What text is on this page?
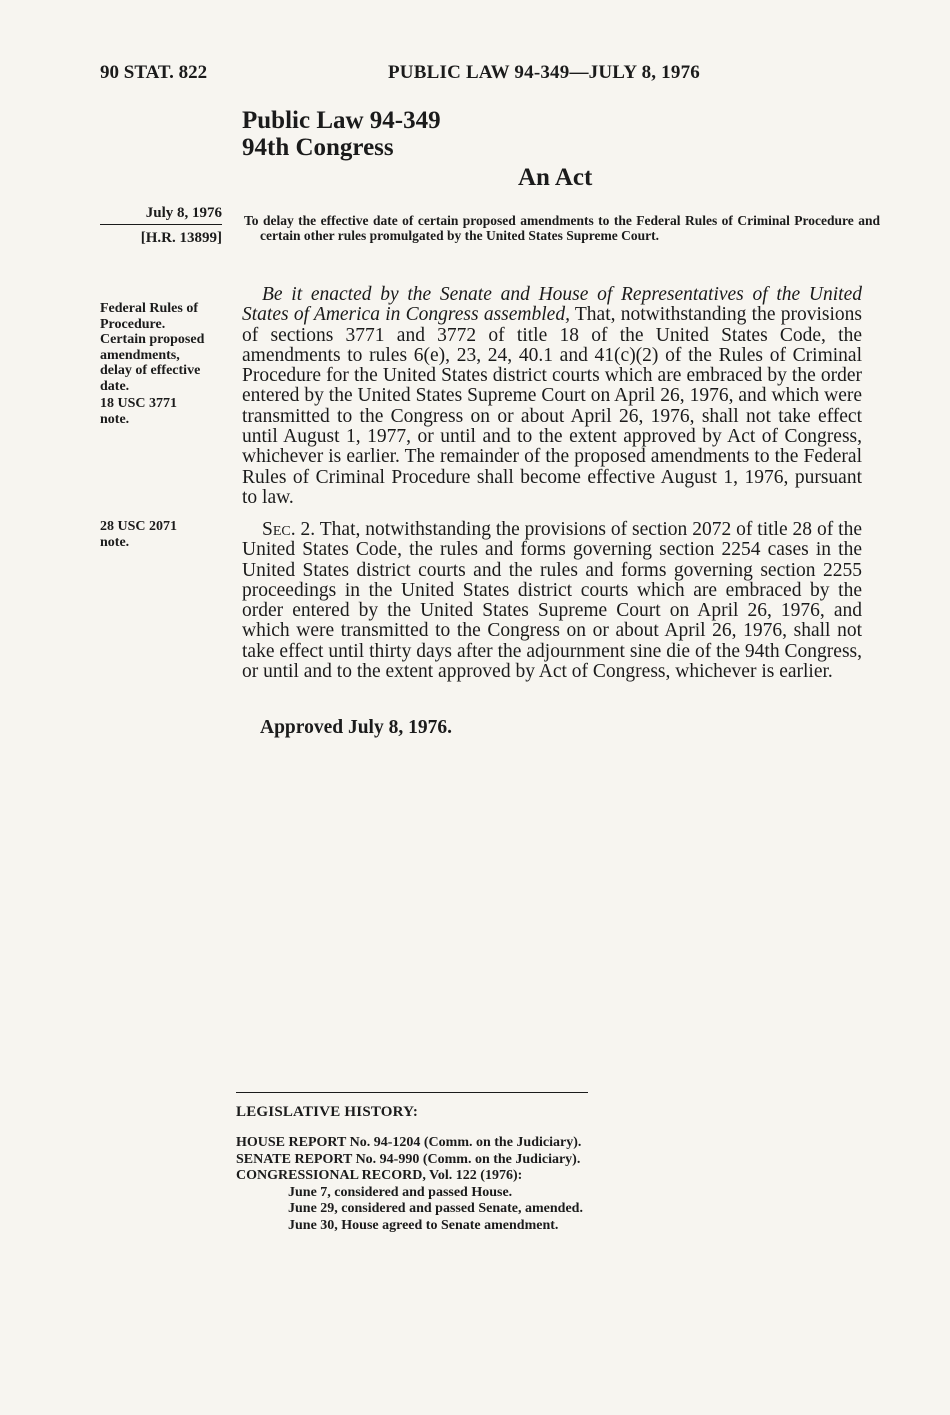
90 STAT. 822	PUBLIC LAW 94-349—JULY 8, 1976
Public Law 94-349
94th Congress
An Act
July 8, 1976
[H.R. 13899]
To delay the effective date of certain proposed amendments to the Federal Rules of Criminal Procedure and certain other rules promulgated by the United States Supreme Court.
Federal Rules of
Procedure.
Certain proposed
amendments,
delay of effective
date.
18 USC 3771
note.
28 USC 2071
note.
Be it enacted by the Senate and House of Representatives of the United States of America in Congress assembled, That, notwithstanding the provisions of sections 3771 and 3772 of title 18 of the United States Code, the amendments to rules 6(e), 23, 24, 40.1 and 41(c)(2) of the Rules of Criminal Procedure for the United States district courts which are embraced by the order entered by the United States Supreme Court on April 26, 1976, and which were transmitted to the Congress on or about April 26, 1976, shall not take effect until August 1, 1977, or until and to the extent approved by Act of Congress, whichever is earlier. The remainder of the proposed amendments to the Federal Rules of Criminal Procedure shall become effective August 1, 1976, pursuant to law.
Sec. 2. That, notwithstanding the provisions of section 2072 of title 28 of the United States Code, the rules and forms governing section 2254 cases in the United States district courts and the rules and forms governing section 2255 proceedings in the United States district courts which are embraced by the order entered by the United States Supreme Court on April 26, 1976, and which were transmitted to the Congress on or about April 26, 1976, shall not take effect until thirty days after the adjournment sine die of the 94th Congress, or until and to the extent approved by Act of Congress, whichever is earlier.
Approved July 8, 1976.
LEGISLATIVE HISTORY:
HOUSE REPORT No. 94-1204 (Comm. on the Judiciary).
SENATE REPORT No. 94-990 (Comm. on the Judiciary).
CONGRESSIONAL RECORD, Vol. 122 (1976):
June 7, considered and passed House.
June 29, considered and passed Senate, amended.
June 30, House agreed to Senate amendment.
